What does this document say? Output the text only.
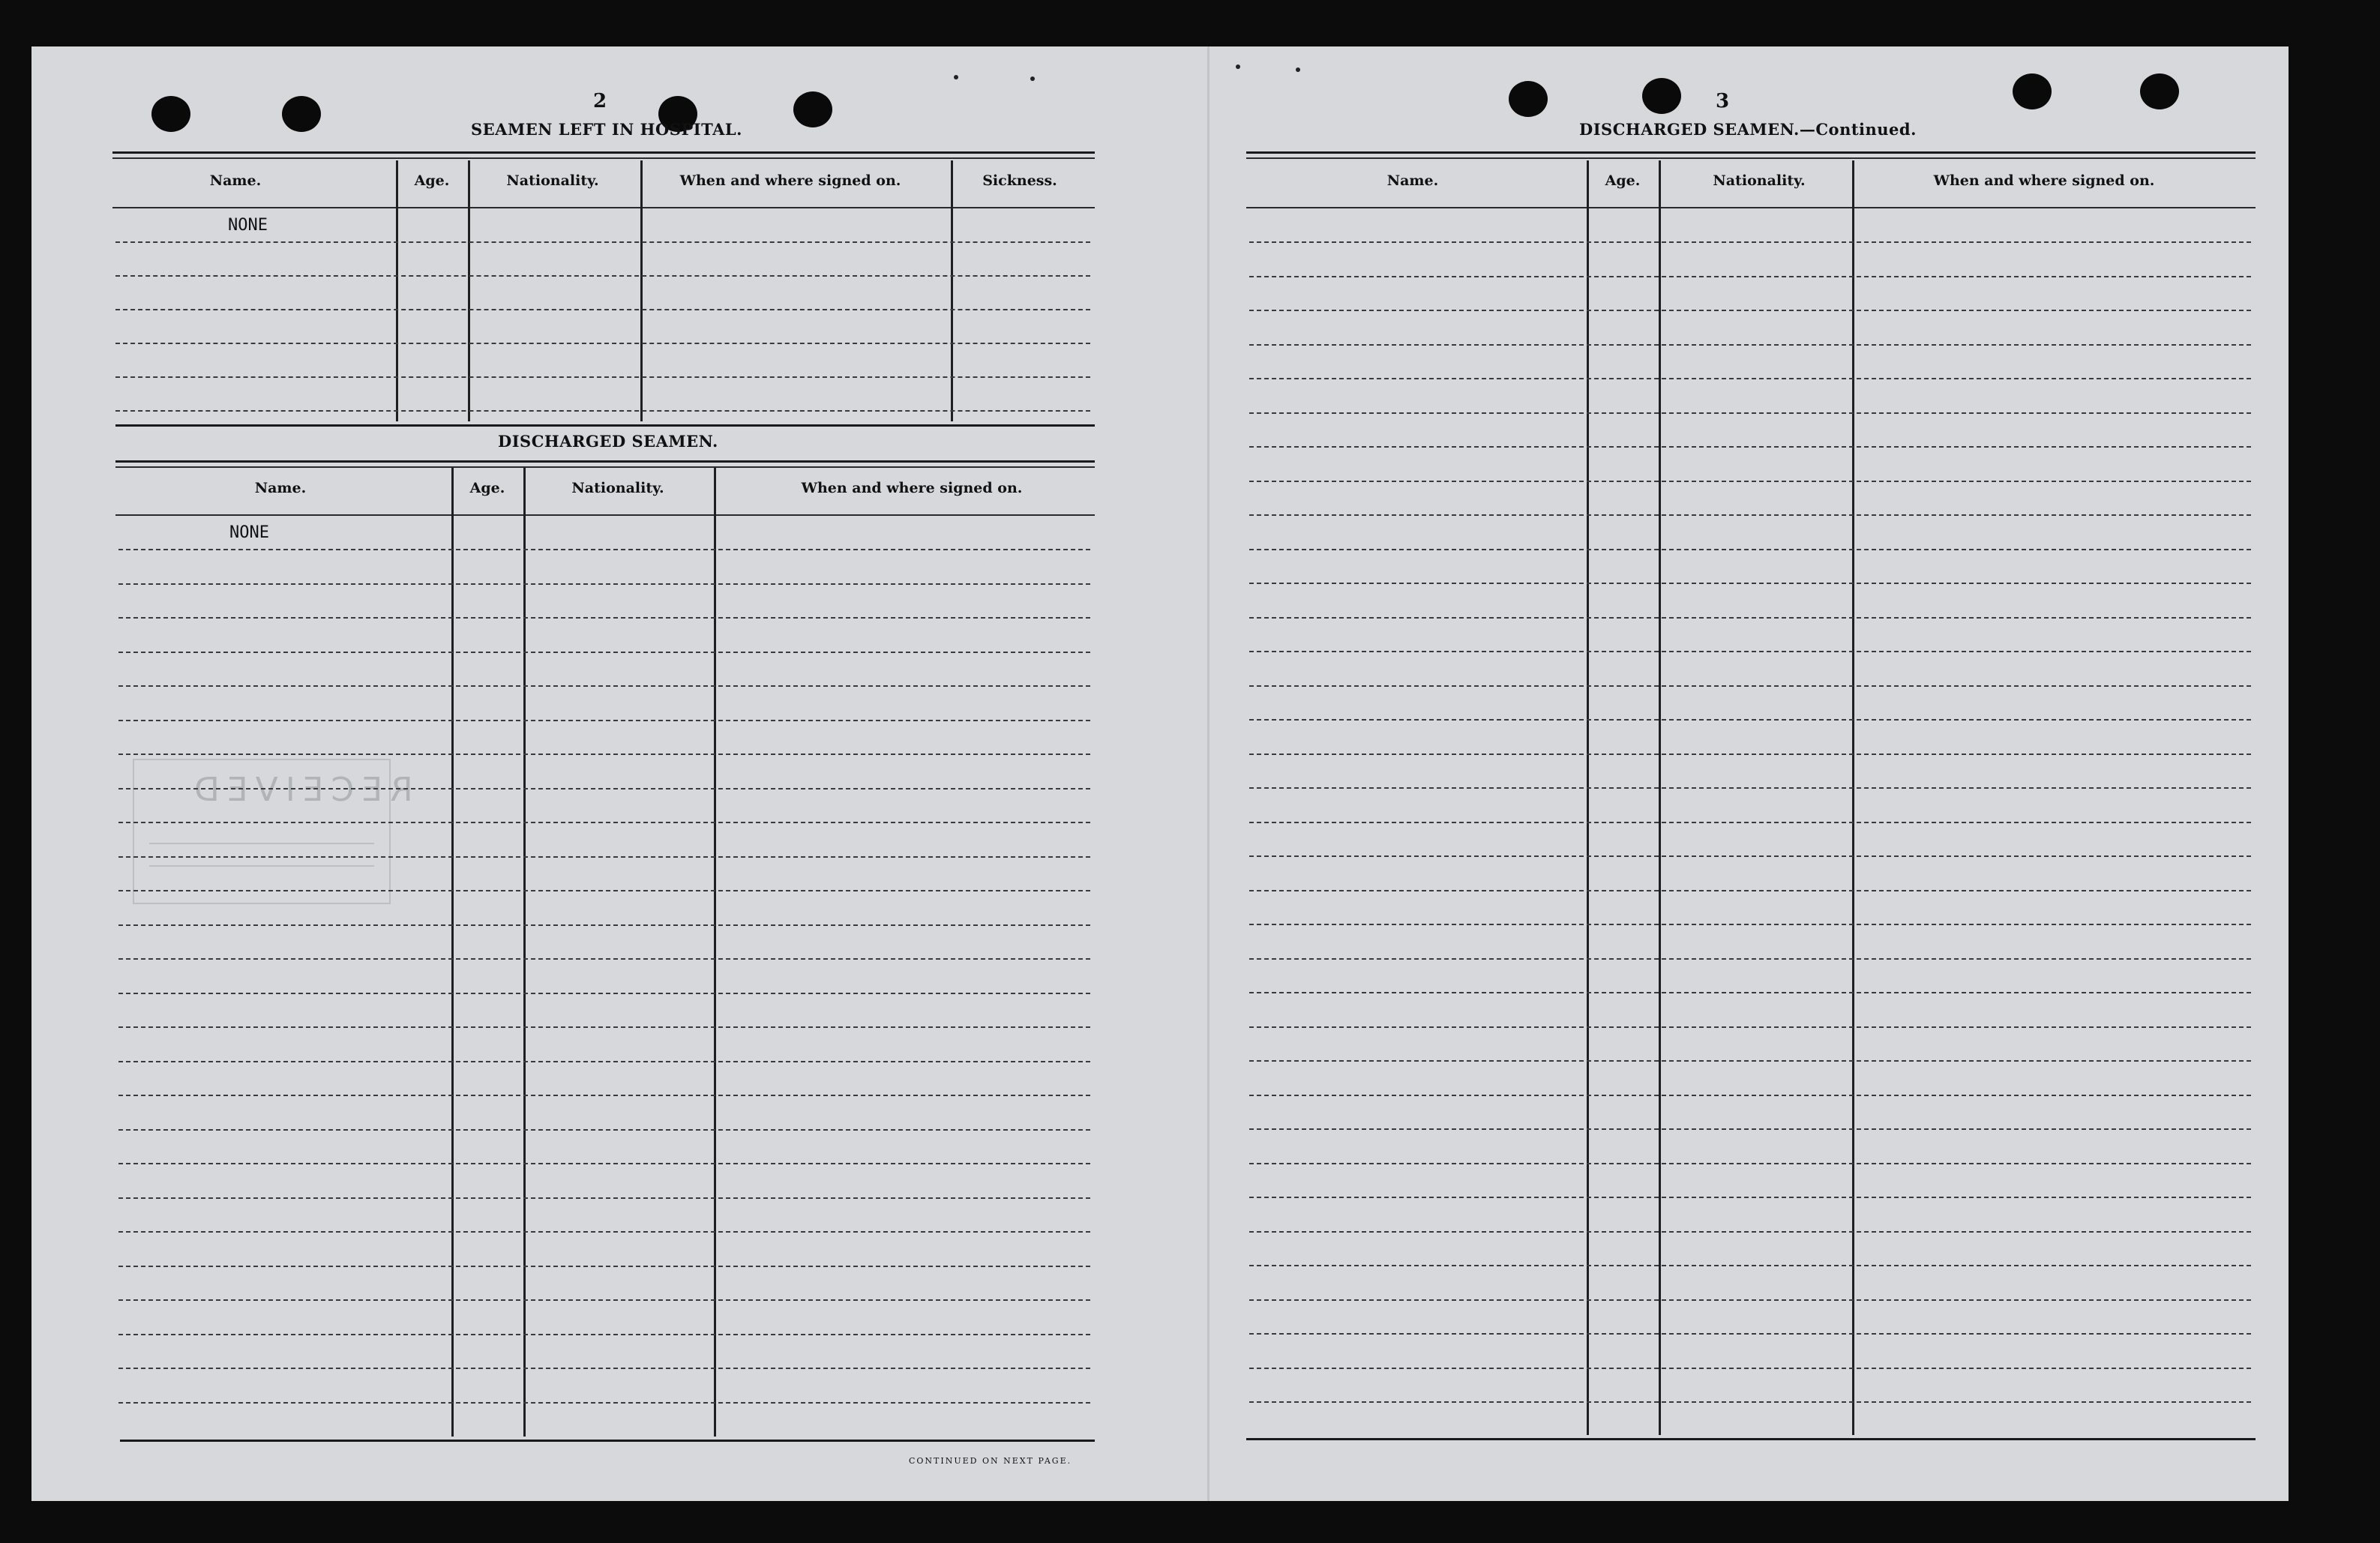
RECEIVED
2
SEAMEN LEFT IN HOSPITAL.
Name.	Age.	Nationality.	When and where signed on.	Sickness.
NONE
DISCHARGED SEAMEN.
Name.	Age.	Nationality.	When and where signed on.
NONE
CONTINUED ON NEXT PAGE.
3
DISCHARGED SEAMEN.—Continued.
Name.	Age.	Nationality.	When and where signed on.
